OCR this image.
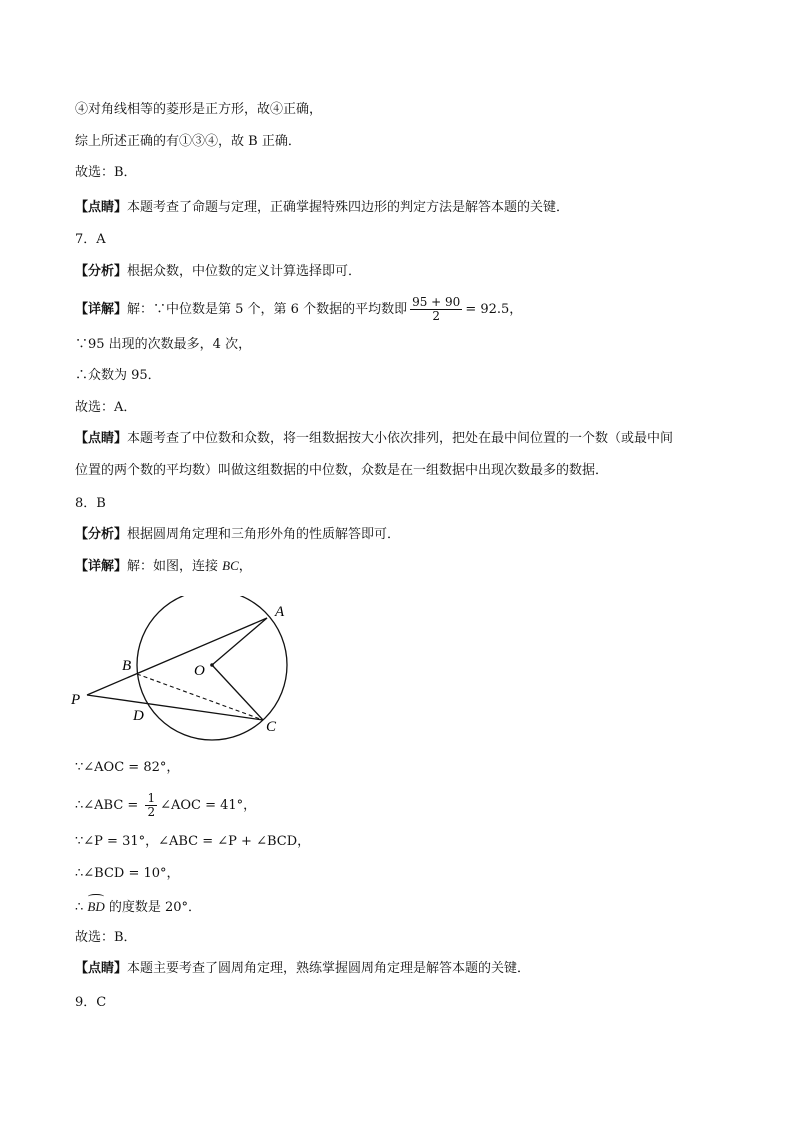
④对角线相等的菱形是正方形，故④正确，
综上所述正确的有①③④，故 B 正确．
故选：B．
【点睛】本题考查了命题与定理，正确掌握特殊四边形的判定方法是解答本题的关键．
7．A
【分析】根据众数，中位数的定义计算选择即可．
【详解】解：∵中位数是第 5 个，第 6 个数据的平均数即 $\frac{95 + 90}{2} = 92.5$，
∵95 出现的次数最多，4 次，
∴众数为 95．
故选：A．
【点睛】本题考查了中位数和众数，将一组数据按大小依次排列，把处在最中间位置的一个数（或最中间
位置的两个数的平均数）叫做这组数据的中位数，众数是在一组数据中出现次数最多的数据．
8．B
【分析】根据圆周角定理和三角形外角的性质解答即可．
【详解】解：如图，连接 BC，
A
B	O
P
D
C
∵∠AOC = 82°，
∴∠ABC = $\frac{1}{2}$ ∠AOC = 41°，
∵∠P = 31°，∠ABC = ∠P + ∠BCD，
∴∠BCD = 10°，
∴ BD
的度数是 20°．
故选：B．
【点睛】本题主要考查了圆周角定理，熟练掌握圆周角定理是解答本题的关键．
9．C
